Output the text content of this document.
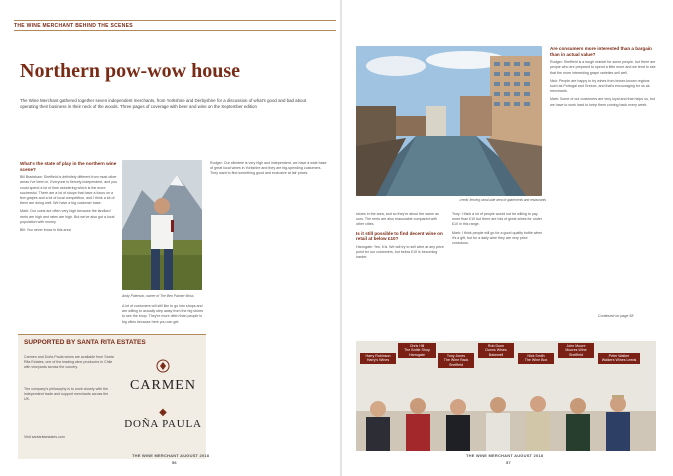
THE WINE MERCHANT BEHIND THE SCENES
Northern pow-wow house
The Wine Merchant gathered together seven independent merchants, from Yorkshire and Derbyshire for a discussion of what's good and bad about operating their business in their neck of the woods. Three pages of coverage with beer and wine on the September edition
What's the state of play in the northern wine scene?

Bill Bradshaw: Sheffield is definitely different from most other areas I've been in. Everyone is fiercely independent, and you could spend a lot of time wondering which is the more successful. There are a lot of shops that have a focus on a few grapes and a lot of local competition, and I think a lot of them are doing well. We have a big customer base.

Mark: Our costs are often very high because the landlord rents are high and rates are high. But we've also got a local population with money.

Bill: You never know in this area

Andy Paterson, owner of The Ben Palmer Moss

A lot of customers will still like to go into shops and are willing to actually step away from the big stores to see the shop. They're more often than people in big cities because here you can get.

Rodger: Our clientele is very high and independent, we have a wide base of great local wines in Yorkshire and they are big-spending customers. They want to find something good and exclusive at fair prices.

SUPPORTED BY SANTA RITA ESTATES
Carmen and Doña Paula wines are available from Santa Rita Estates, one of the leading wine producers in Chile with vineyards across the country.
The company's philosophy is to work closely with the independent trade and support merchants across the UK.
Visit santaritaestates.com
CARMEN
◆
DOÑA PAULA
THE WINE MERCHANT AUGUST 2018
56
Leeds' thriving canal-side area of apartments and restaurants

stores in the area, and so they're about the same as ours. The rents are also reasonable compared with other cities.

Is it still possible to find decent wine on retail at below £10?

Harrogate: Yes, it is. We will try to sell wine at any price point for our customers, but below £10 is becoming harder.

Tony: I think a lot of people would not be willing to pay more than £10 but there are lots of great wines for under £10 in this range.

Mark: I think people will go for a good quality bottle when it's a gift, but for a daily wine they are very price conscious.

Are consumers more interested than a bargain than in actual value?

Rodger: Sheffield is a tough market for some people, but there are people who are prepared to spend a little more and we tend to see that the more interesting grape varieties sell well.

Nick: People are happy to try wines from lesser-known regions such as Portugal and Greece, and that's encouraging for us as merchants.

Mark: Some of our customers are very loyal and that helps us, but we have to work hard to keep them coming back every week.

Continued on page 58
Harry Robinson
Harry's Wines
Chris Hill
The Bottle Shop Harrogate	Tony Jones
The Wine Rack Sheffield
Rob Dunn
Dunns Wines Bakewell	Nick Smith
The Wine Box
John Moore
Moores Wine Sheffield	Peter Walker
Walkers Wines Leeds
THE WINE MERCHANT AUGUST 2018
57
